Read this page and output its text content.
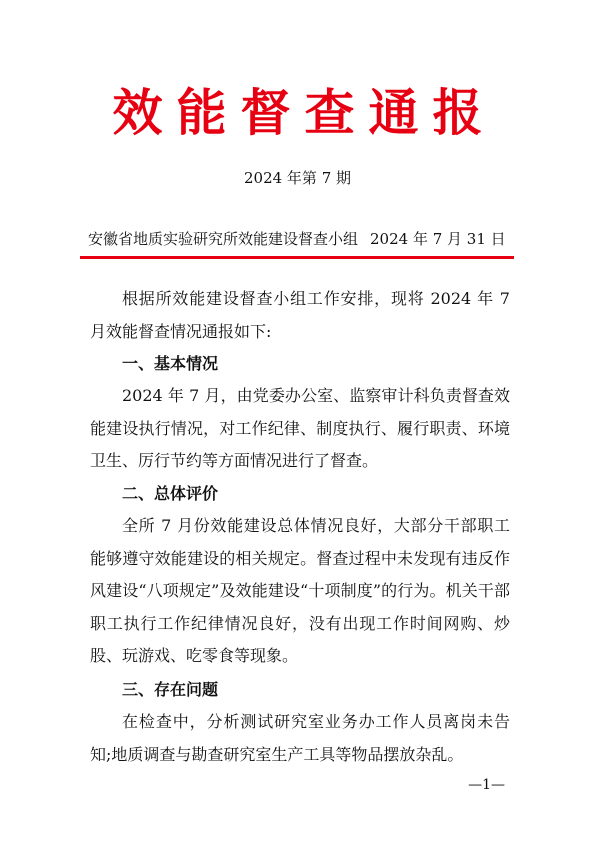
效能督查通报
2024 年第 7 期
安徽省地质实验研究所效能建设督查小组 2024 年 7 月 31 日
根据所效能建设督查小组工作安排，现将 2024 年 7 月效能督查情况通报如下:
一、基本情况
2024 年 7 月，由党委办公室、监察审计科负责督查效能建设执行情况，对工作纪律、制度执行、履行职责、环境卫生、厉行节约等方面情况进行了督查。
二、总体评价
全所 7 月份效能建设总体情况良好，大部分干部职工能够遵守效能建设的相关规定。督查过程中未发现有违反作风建设“八项规定”及效能建设“十项制度”的行为。机关干部职工执行工作纪律情况良好，没有出现工作时间网购、炒股、玩游戏、吃零食等现象。
三、存在问题
在检查中，分析测试研究室业务办工作人员离岗未告知;地质调查与勘查研究室生产工具等物品摆放杂乱。
—1—
